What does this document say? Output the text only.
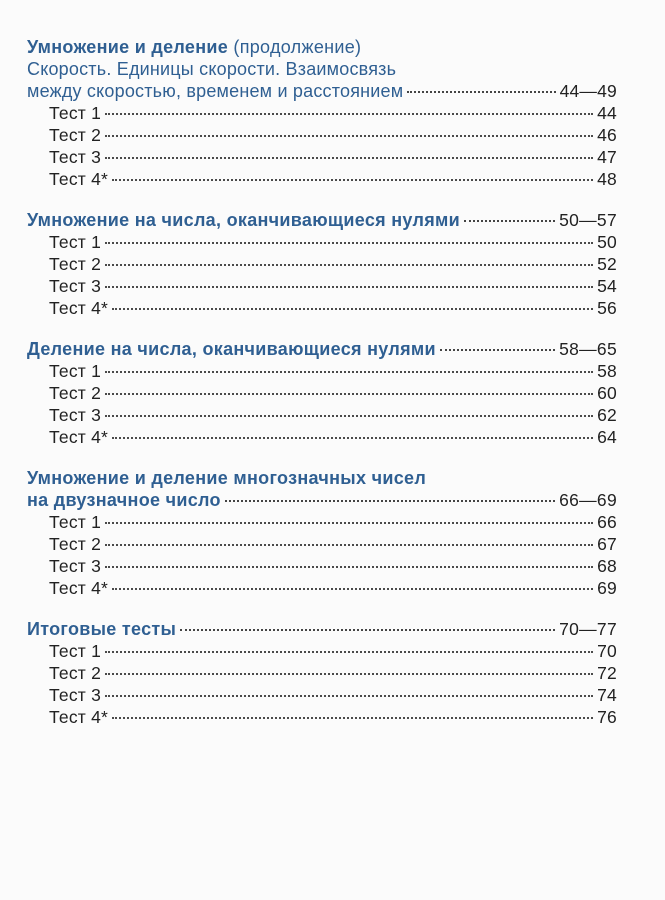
Умножение и деление (продолжение)
Скорость. Единицы скорости. Взаимосвязь
между скоростью, временем и расстоянием	44—49
Тест 1	44
Тест 2	46
Тест 3	47
Тест 4*	48
Умножение на числа, оканчивающиеся нулями	50—57
Тест 1	50
Тест 2	52
Тест 3	54
Тест 4*	56
Деление на числа, оканчивающиеся нулями	58—65
Тест 1	58
Тест 2	60
Тест 3	62
Тест 4*	64
Умножение и деление многозначных чисел
на двузначное число	66—69
Тест 1	66
Тест 2	67
Тест 3	68
Тест 4*	69
Итоговые тесты	70—77
Тест 1	70
Тест 2	72
Тест 3	74
Тест 4*	76
